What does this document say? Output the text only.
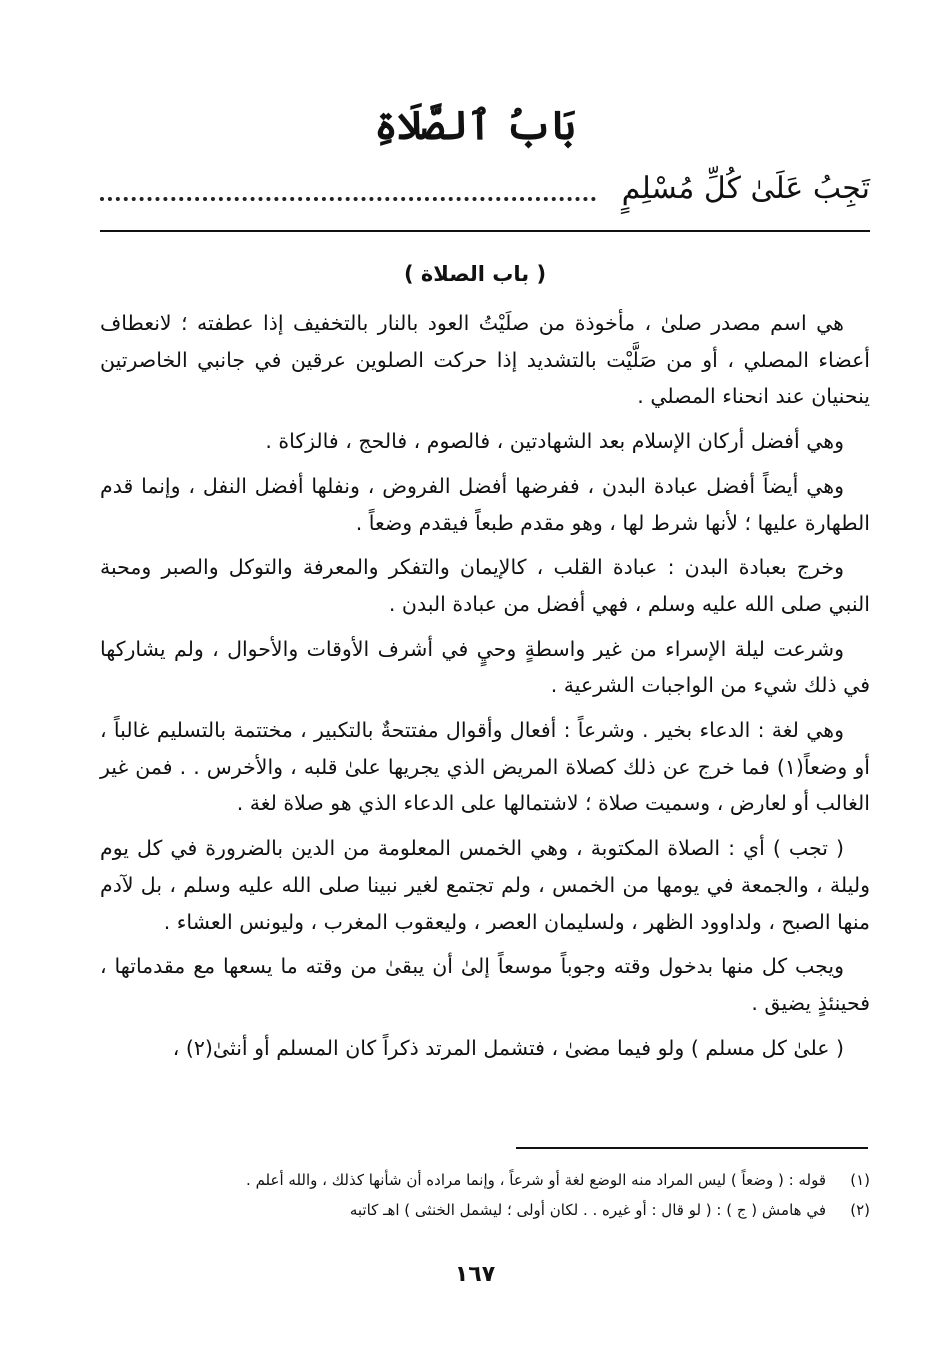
بَابُ ٱلصَّلَاةِ
تَجِبُ عَلَىٰ كُلِّ مُسْلِمٍ
( باب الصلاة )

هي اسم مصدر صلىٰ ، مأخوذة من صلَيْتُ العود بالنار بالتخفيف إذا عطفته ؛ لانعطاف أعضاء المصلي ، أو من صَلَّيْت بالتشديد إذا حركت الصلوين عرقين في جانبي الخاصرتين ينحنيان عند انحناء المصلي .

وهي أفضل أركان الإسلام بعد الشهادتين ، فالصوم ، فالحج ، فالزكاة .

وهي أيضاً أفضل عبادة البدن ، ففرضها أفضل الفروض ، ونفلها أفضل النفل ، وإنما قدم الطهارة عليها ؛ لأنها شرط لها ، وهو مقدم طبعاً فيقدم وضعاً .

وخرج بعبادة البدن : عبادة القلب ، كالإيمان والتفكر والمعرفة والتوكل والصبر ومحبة النبي صلى الله عليه وسلم ، فهي أفضل من عبادة البدن .

وشرعت ليلة الإسراء من غير واسطةٍ وحيٍ في أشرف الأوقات والأحوال ، ولم يشاركها في ذلك شيء من الواجبات الشرعية .

وهي لغة : الدعاء بخير . وشرعاً : أفعال وأقوال مفتتحةٌ بالتكبير ، مختتمة بالتسليم غالباً ، أو وضعاً(١) فما خرج عن ذلك كصلاة المريض الذي يجريها علىٰ قلبه ، والأخرس . . فمن غير الغالب أو لعارض ، وسميت صلاة ؛ لاشتمالها على الدعاء الذي هو صلاة لغة .

( تجب ) أي : الصلاة المكتوبة ، وهي الخمس المعلومة من الدين بالضرورة في كل يوم وليلة ، والجمعة في يومها من الخمس ، ولم تجتمع لغير نبينا صلى الله عليه وسلم ، بل لآدم منها الصبح ، ولداوود الظهر ، ولسليمان العصر ، وليعقوب المغرب ، وليونس العشاء .

ويجب كل منها بدخول وقته وجوباً موسعاً إلىٰ أن يبقىٰ من وقته ما يسعها مع مقدماتها ، فحينئذٍ يضيق .

( علىٰ كل مسلم ) ولو فيما مضىٰ ، فتشمل المرتد ذكراً كان المسلم أو أنثىٰ(٢) ،

(١)
قوله : ( وضعاً ) ليس المراد منه الوضع لغة أو شرعاً ، وإنما مراده أن شأنها كذلك ، والله أعلم .
(٢)
في هامش ( ج ) : ( لو قال : أو غيره . . لكان أولى ؛ ليشمل الخنثى ) اهـ كاتبه
١٦٧
